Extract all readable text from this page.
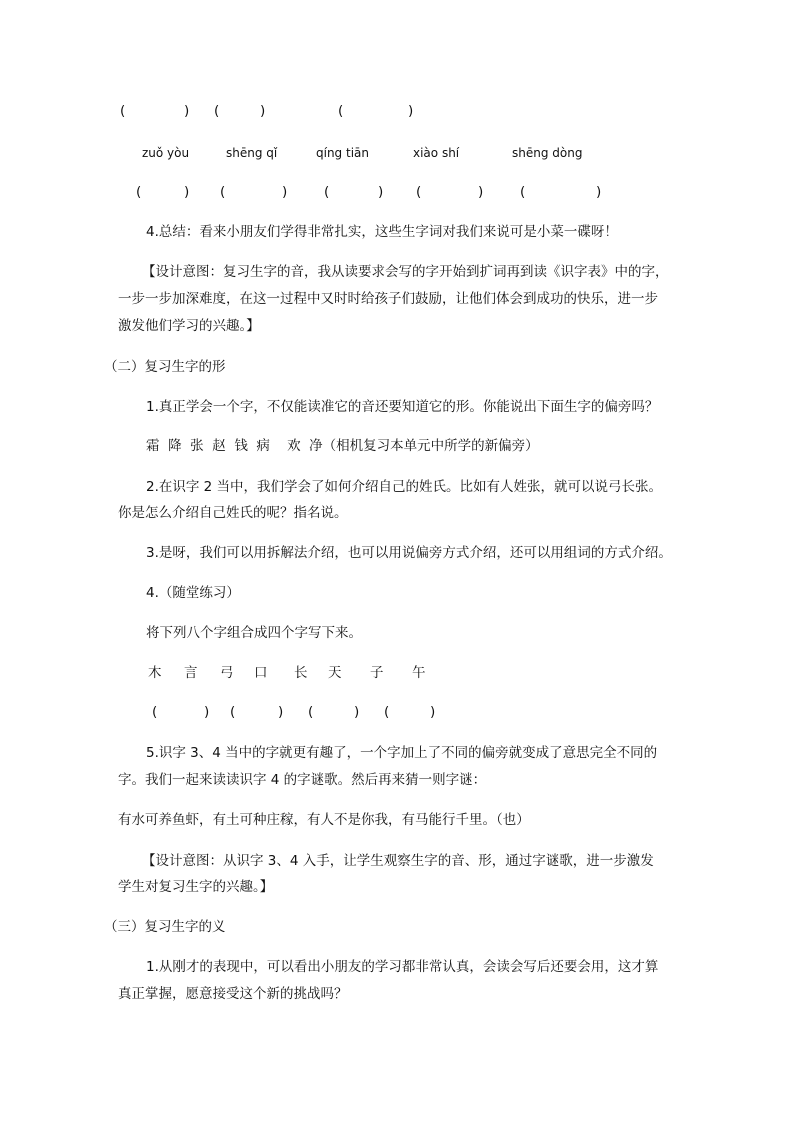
(	) (	)	(	)
zuǒ yòu	shēng qǐ	qíng tiān	xiào shí	shēng dòng
(	) (	)	(	) (	)	(	)
4.总结：看来小朋友们学得非常扎实，这些生字词对我们来说可是小菜一碟呀！
【设计意图：复习生字的音，我从读要求会写的字开始到扩词再到读《识字表》中的字，
一步一步加深难度，在这一过程中又时时给孩子们鼓励，让他们体会到成功的快乐，进一步
激发他们学习的兴趣。】
（二）复习生字的形
1.真正学会一个字，不仅能读准它的音还要知道它的形。你能说出下面生字的偏旁吗？
霜  降  张  赵  钱  病    欢  净（相机复习本单元中所学的新偏旁）
2.在识字 2 当中，我们学会了如何介绍自己的姓氏。比如有人姓张，就可以说弓长张。
你是怎么介绍自己姓氏的呢？指名说。
3.是呀，我们可以用拆解法介绍，也可以用说偏旁方式介绍，还可以用组词的方式介绍。
4.（随堂练习）
将下列八个字组合成四个字写下来。
木 言 弓 口 长 天 子 午
(	) (	) (	) (	)
5.识字 3、4 当中的字就更有趣了，一个字加上了不同的偏旁就变成了意思完全不同的
字。我们一起来读读识字 4 的字谜歌。然后再来猜一则字谜：
有水可养鱼虾，有土可种庄稼，有人不是你我，有马能行千里。（也）
【设计意图：从识字 3、4 入手，让学生观察生字的音、形，通过字谜歌，进一步激发
学生对复习生字的兴趣。】
（三）复习生字的义
1.从刚才的表现中，可以看出小朋友的学习都非常认真，会读会写后还要会用，这才算
真正掌握，愿意接受这个新的挑战吗？
